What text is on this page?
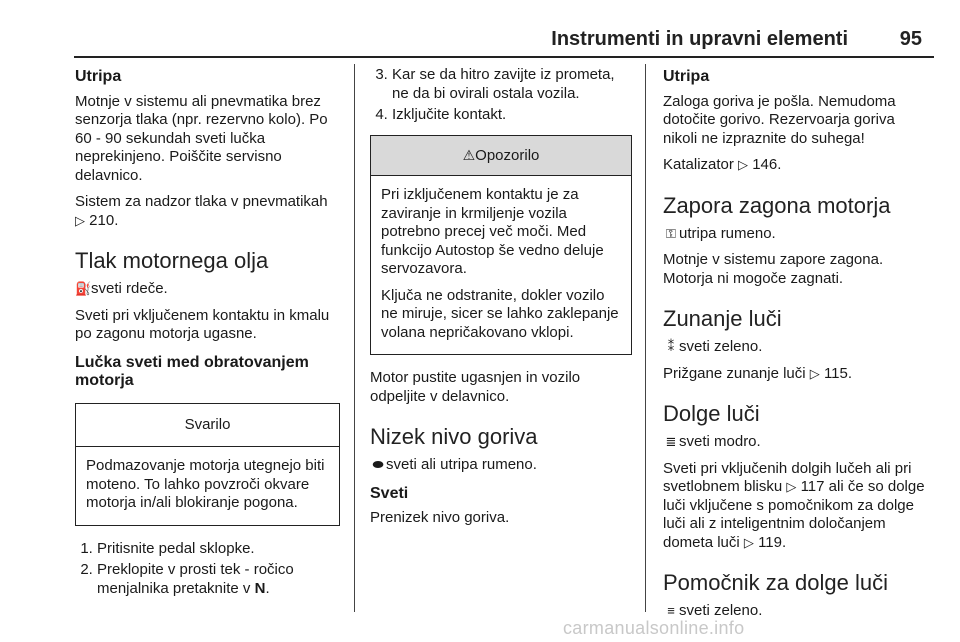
Instrumenti in upravni elementi	95
Utripa

Motnje v sistemu ali pnevmatika brez senzorja tlaka (npr. rezervno kolo). Po 60 - 90 sekundah sveti lučka neprekinjeno. Poiščite servisno delavnico.

Sistem za nadzor tlaka v pnevmatikah ▷ 210.

Tlak motornega olja

⛽sveti rdeče.

Sveti pri vključenem kontaktu in kmalu po zagonu motorja ugasne.

Lučka sveti med obratovanjem motorja
Svarilo

Podmazovanje motorja utegnejo biti moteno. To lahko povzroči okvare motorja in/ali blokiranje pogona.

1. Pritisnite pedal sklopke.
2. Preklopite v prosti tek - ročico menjalnika pretaknite v N.
3. Kar se da hitro zavijte iz prometa, ne da bi ovirali ostala vozila.
4. Izključite kontakt.
⚠Opozorilo

Pri izključenem kontaktu je za zaviranje in krmiljenje vozila potrebno precej več moči. Med funkcijo Autostop še vedno deluje servozavora.

Ključa ne odstranite, dokler vozilo ne miruje, sicer se lahko zaklepanje volana nepričakovano vklopi.

Motor pustite ugasnjen in vozilo odpeljite v delavnico.

Nizek nivo goriva

⬬ sveti ali utripa rumeno.

Sveti

Prenizek nivo goriva.

Utripa

Zaloga goriva je pošla. Nemudoma dotočite gorivo. Rezervoarja goriva nikoli ne izpraznite do suhega!

Katalizator ▷ 146.

Zapora zagona motorja

⚿ utripa rumeno.

Motnje v sistemu zapore zagona. Motorja ni mogoče zagnati.

Zunanje luči

⁑ sveti zeleno.

Prižgane zunanje luči ▷ 115.

Dolge luči

≣ sveti modro.

Sveti pri vključenih dolgih lučeh ali pri svetlobnem blisku ▷ 117 ali če so dolge luči vključene s pomočnikom za dolge luči ali z inteligentnim določanjem dometa luči ▷ 119.

Pomočnik za dolge luči

≡ sveti zeleno.

carmanualsonline.info
